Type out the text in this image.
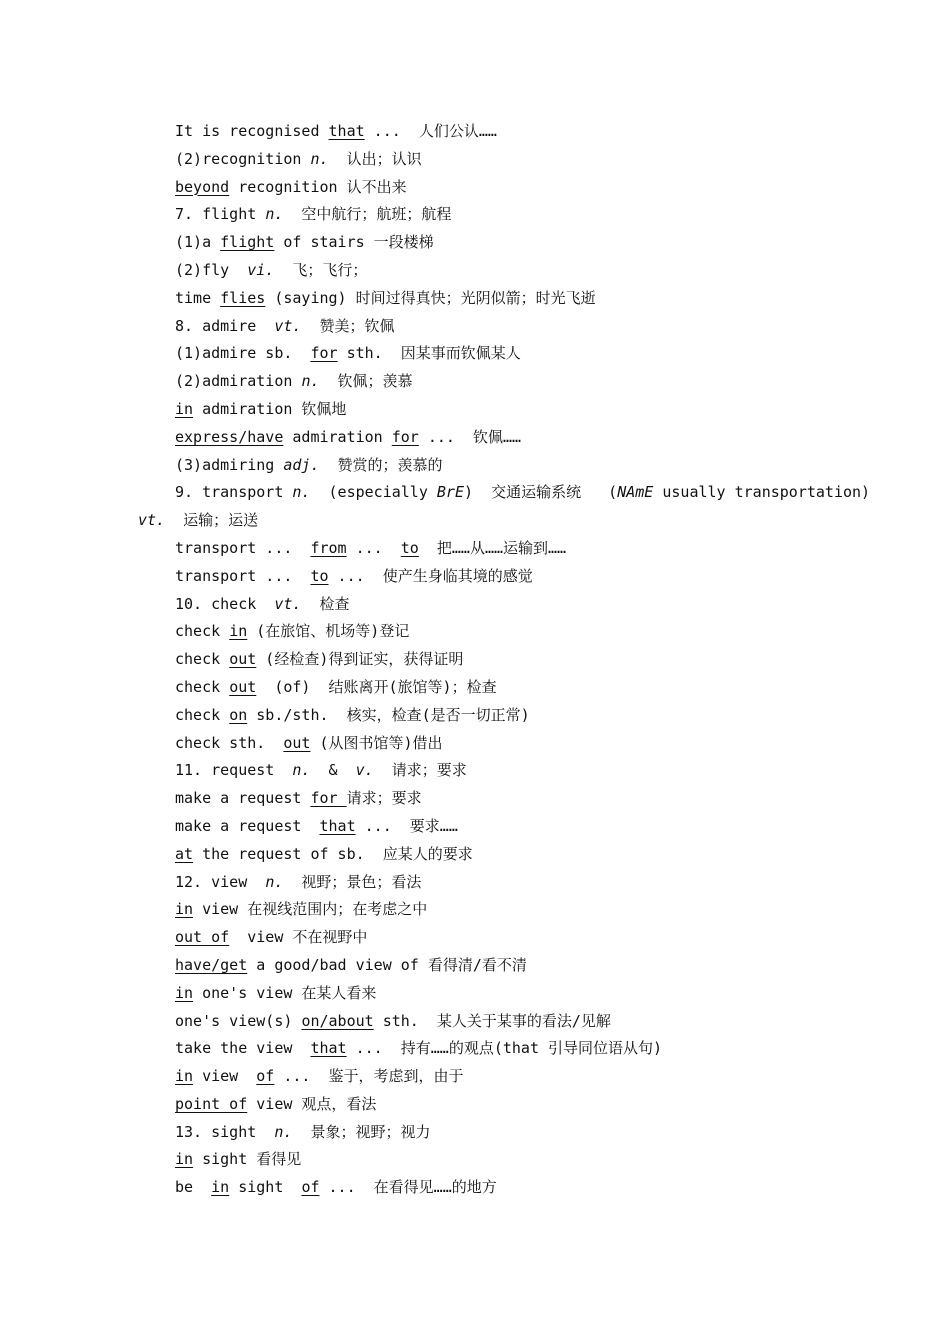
It is recognised that ...  人们公认……
(2)recognition n.  认出；认识
beyond recognition 认不出来
7. flight n.  空中航行；航班；航程
(1)a flight of stairs 一段楼梯
(2)fly  vi.  飞；飞行；
time flies (saying) 时间过得真快；光阴似箭；时光飞逝
8. admire  vt.  赞美；钦佩
(1)admire sb.  for sth.  因某事而钦佩某人
(2)admiration n.  钦佩；羡慕
in admiration 钦佩地
express/have admiration for ...  钦佩……
(3)admiring adj.  赞赏的；羡慕的
9. transport n.  (especially BrE)  交通运输系统   (NAmE usually transportation)
vt.  运输；运送
transport ...  from ...  to  把……从……运输到……
transport ...  to ...  使产生身临其境的感觉
10. check  vt.  检查
check in (在旅馆、机场等)登记
check out (经检查)得到证实，获得证明
check out  (of)  结账离开(旅馆等)；检查
check on sb./sth.  核实，检查(是否一切正常)
check sth.  out (从图书馆等)借出
11. request  n.  &  v.  请求；要求
make a request for 请求；要求
make a request  that ...  要求……
at the request of sb.  应某人的要求
12. view  n.  视野；景色；看法
in view 在视线范围内；在考虑之中
out of  view 不在视野中
have/get a good/bad view of 看得清/看不清
in one's view 在某人看来
one's view(s) on/about sth.  某人关于某事的看法/见解
take the view  that ...  持有……的观点(that 引导同位语从句)
in view  of ...  鉴于，考虑到，由于
point of view 观点，看法
13. sight  n.  景象；视野；视力
in sight 看得见
be  in sight  of ...  在看得见……的地方
